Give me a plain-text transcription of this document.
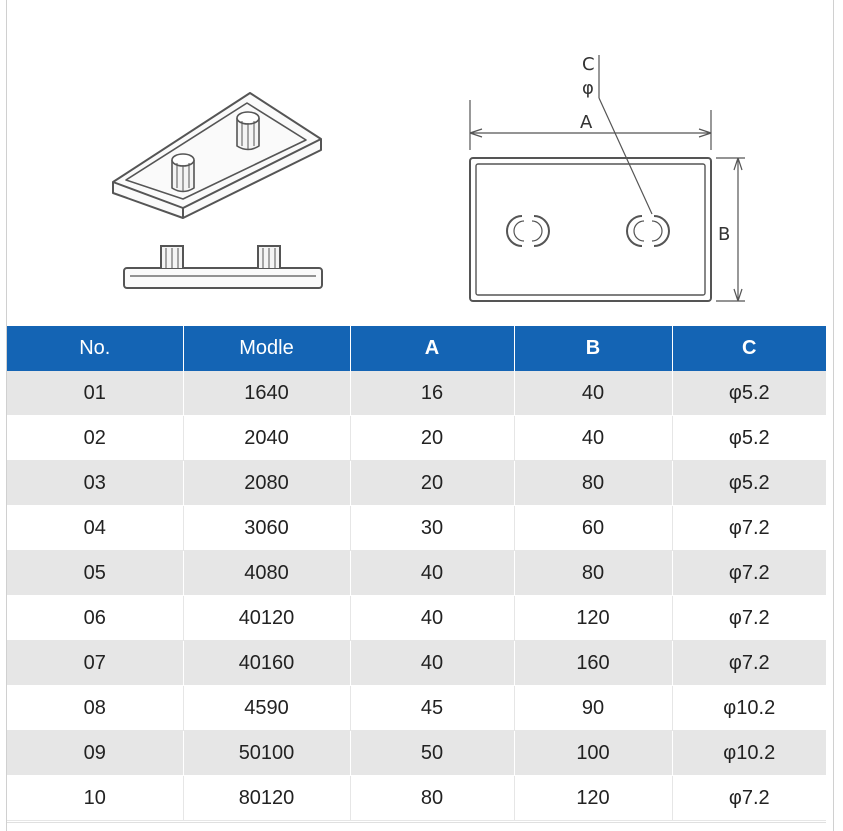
C
φ
A
B
No.	Modle	A	B	C
01	1640	16	40	φ5.2
02	2040	20	40	φ5.2
03	2080	20	80	φ5.2
04	3060	30	60	φ7.2
05	4080	40	80	φ7.2
06	40120	40	120	φ7.2
07	40160	40	160	φ7.2
08	4590	45	90	φ10.2
09	50100	50	100	φ10.2
10	80120	80	120	φ7.2
